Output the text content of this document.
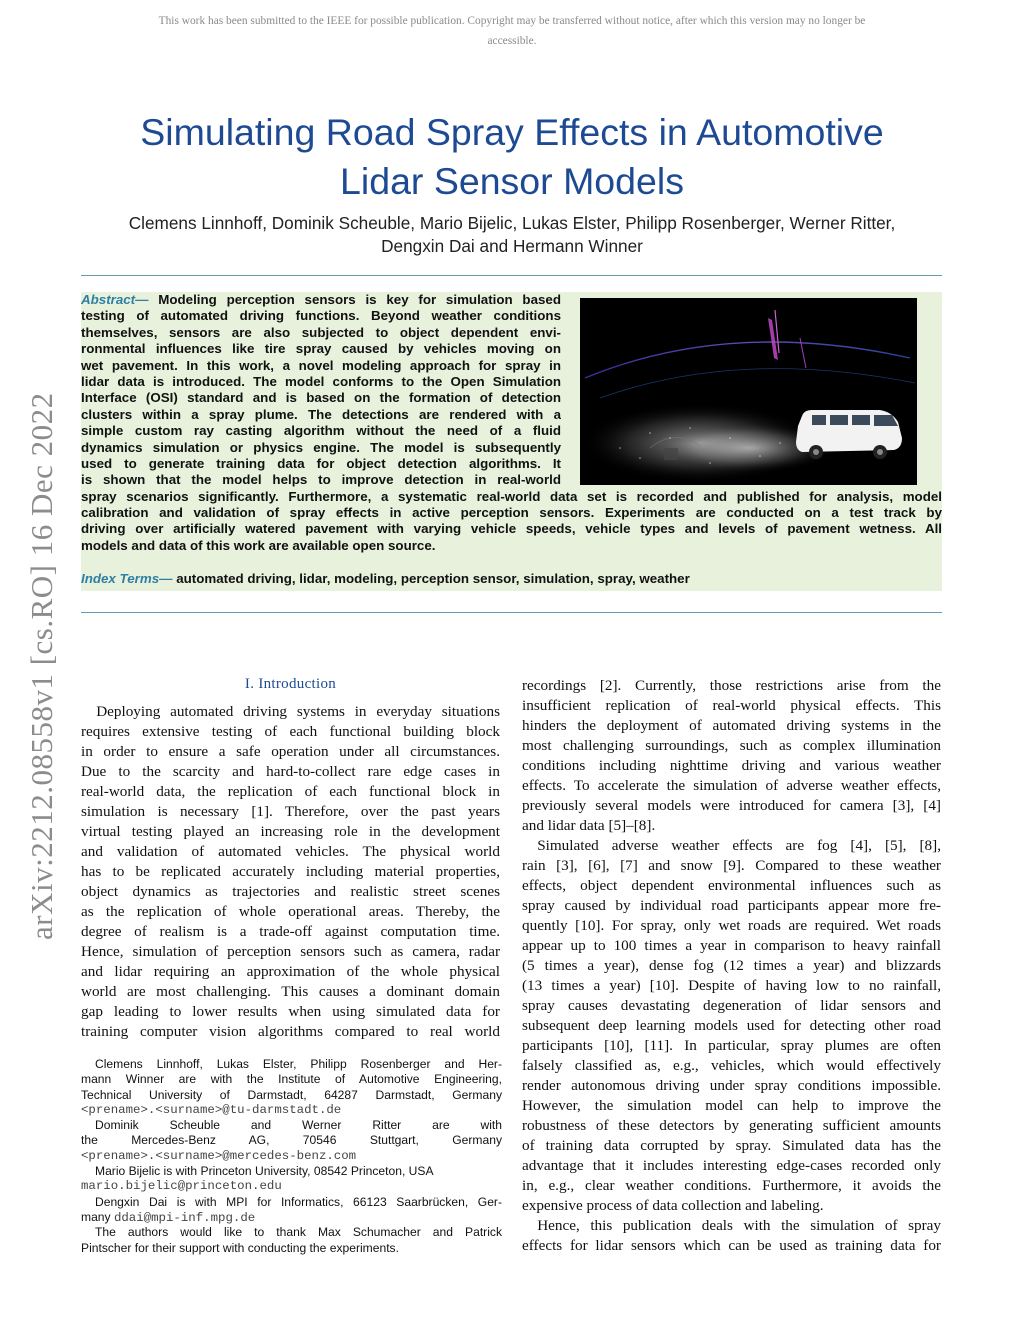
This work has been submitted to the IEEE for possible publication. Copyright may be transferred without notice, after which this version may no longer be
accessible.
arXiv:2212.08558v1 [cs.RO] 16 Dec 2022
Simulating Road Spray Effects in Automotive
Lidar Sensor Models
Clemens Linnhoff, Dominik Scheuble, Mario Bijelic, Lukas Elster, Philipp Rosenberger, Werner Ritter,
Dengxin Dai and Hermann Winner
Abstract— Modeling perception sensors is key for simulation based
testing of automated driving functions. Beyond weather conditions
themselves, sensors are also subjected to object dependent envi-
ronmental influences like tire spray caused by vehicles moving on
wet pavement. In this work, a novel modeling approach for spray in
lidar data is introduced. The model conforms to the Open Simulation
Interface (OSI) standard and is based on the formation of detection
clusters within a spray plume. The detections are rendered with a
simple custom ray casting algorithm without the need of a fluid
dynamics simulation or physics engine. The model is subsequently
used to generate training data for object detection algorithms. It
is shown that the model helps to improve detection in real-world
spray scenarios significantly. Furthermore, a systematic real-world data set is recorded and published for analysis, model
calibration and validation of spray effects in active perception sensors. Experiments are conducted on a test track by
driving over artificially watered pavement with varying vehicle speeds, vehicle types and levels of pavement wetness. All
models and data of this work are available open source.
Index Terms— automated driving, lidar, modeling, perception sensor, simulation, spray, weather
I. Introduction
Deploying automated driving systems in everyday situations
requires extensive testing of each functional building block
in order to ensure a safe operation under all circumstances.
Due to the scarcity and hard-to-collect rare edge cases in
real-world data, the replication of each functional block in
simulation is necessary [1]. Therefore, over the past years
virtual testing played an increasing role in the development
and validation of automated vehicles. The physical world
has to be replicated accurately including material properties,
object dynamics as trajectories and realistic street scenes
as the replication of whole operational areas. Thereby, the
degree of realism is a trade-off against computation time.
Hence, simulation of perception sensors such as camera, radar
and lidar requiring an approximation of the whole physical
world are most challenging. This causes a dominant domain
gap leading to lower results when using simulated data for
training computer vision algorithms compared to real world
Clemens Linnhoff, Lukas Elster, Philipp Rosenberger and Her-
mann Winner are with the Institute of Automotive Engineering,
Technical University of Darmstadt, 64287 Darmstadt, Germany
<prename>.<surname>@tu-darmstadt.de
Dominik Scheuble and Werner Ritter are with
the Mercedes-Benz AG, 70546 Stuttgart, Germany
<prename>.<surname>@mercedes-benz.com
Mario Bijelic is with Princeton University, 08542 Princeton, USA
mario.bijelic@princeton.edu
Dengxin Dai is with MPI for Informatics, 66123 Saarbrücken, Ger-
many ddai@mpi-inf.mpg.de
The authors would like to thank Max Schumacher and Patrick
Pintscher for their support with conducting the experiments.
recordings [2]. Currently, those restrictions arise from the
insufficient replication of real-world physical effects. This
hinders the deployment of automated driving systems in the
most challenging surroundings, such as complex illumination
conditions including nighttime driving and various weather
effects. To accelerate the simulation of adverse weather effects,
previously several models were introduced for camera [3], [4]
and lidar data [5]–[8].
Simulated adverse weather effects are fog [4], [5], [8],
rain [3], [6], [7] and snow [9]. Compared to these weather
effects, object dependent environmental influences such as
spray caused by individual road participants appear more fre-
quently [10]. For spray, only wet roads are required. Wet roads
appear up to 100 times a year in comparison to heavy rainfall
(5 times a year), dense fog (12 times a year) and blizzards
(13 times a year) [10]. Despite of having low to no rainfall,
spray causes devastating degeneration of lidar sensors and
subsequent deep learning models used for detecting other road
participants [10], [11]. In particular, spray plumes are often
falsely classified as, e.g., vehicles, which would effectively
render autonomous driving under spray conditions impossible.
However, the simulation model can help to improve the
robustness of these detectors by generating sufficient amounts
of training data corrupted by spray. Simulated data has the
advantage that it includes interesting edge-cases recorded only
in, e.g., clear weather conditions. Furthermore, it avoids the
expensive process of data collection and labeling.
Hence, this publication deals with the simulation of spray
effects for lidar sensors which can be used as training data for
